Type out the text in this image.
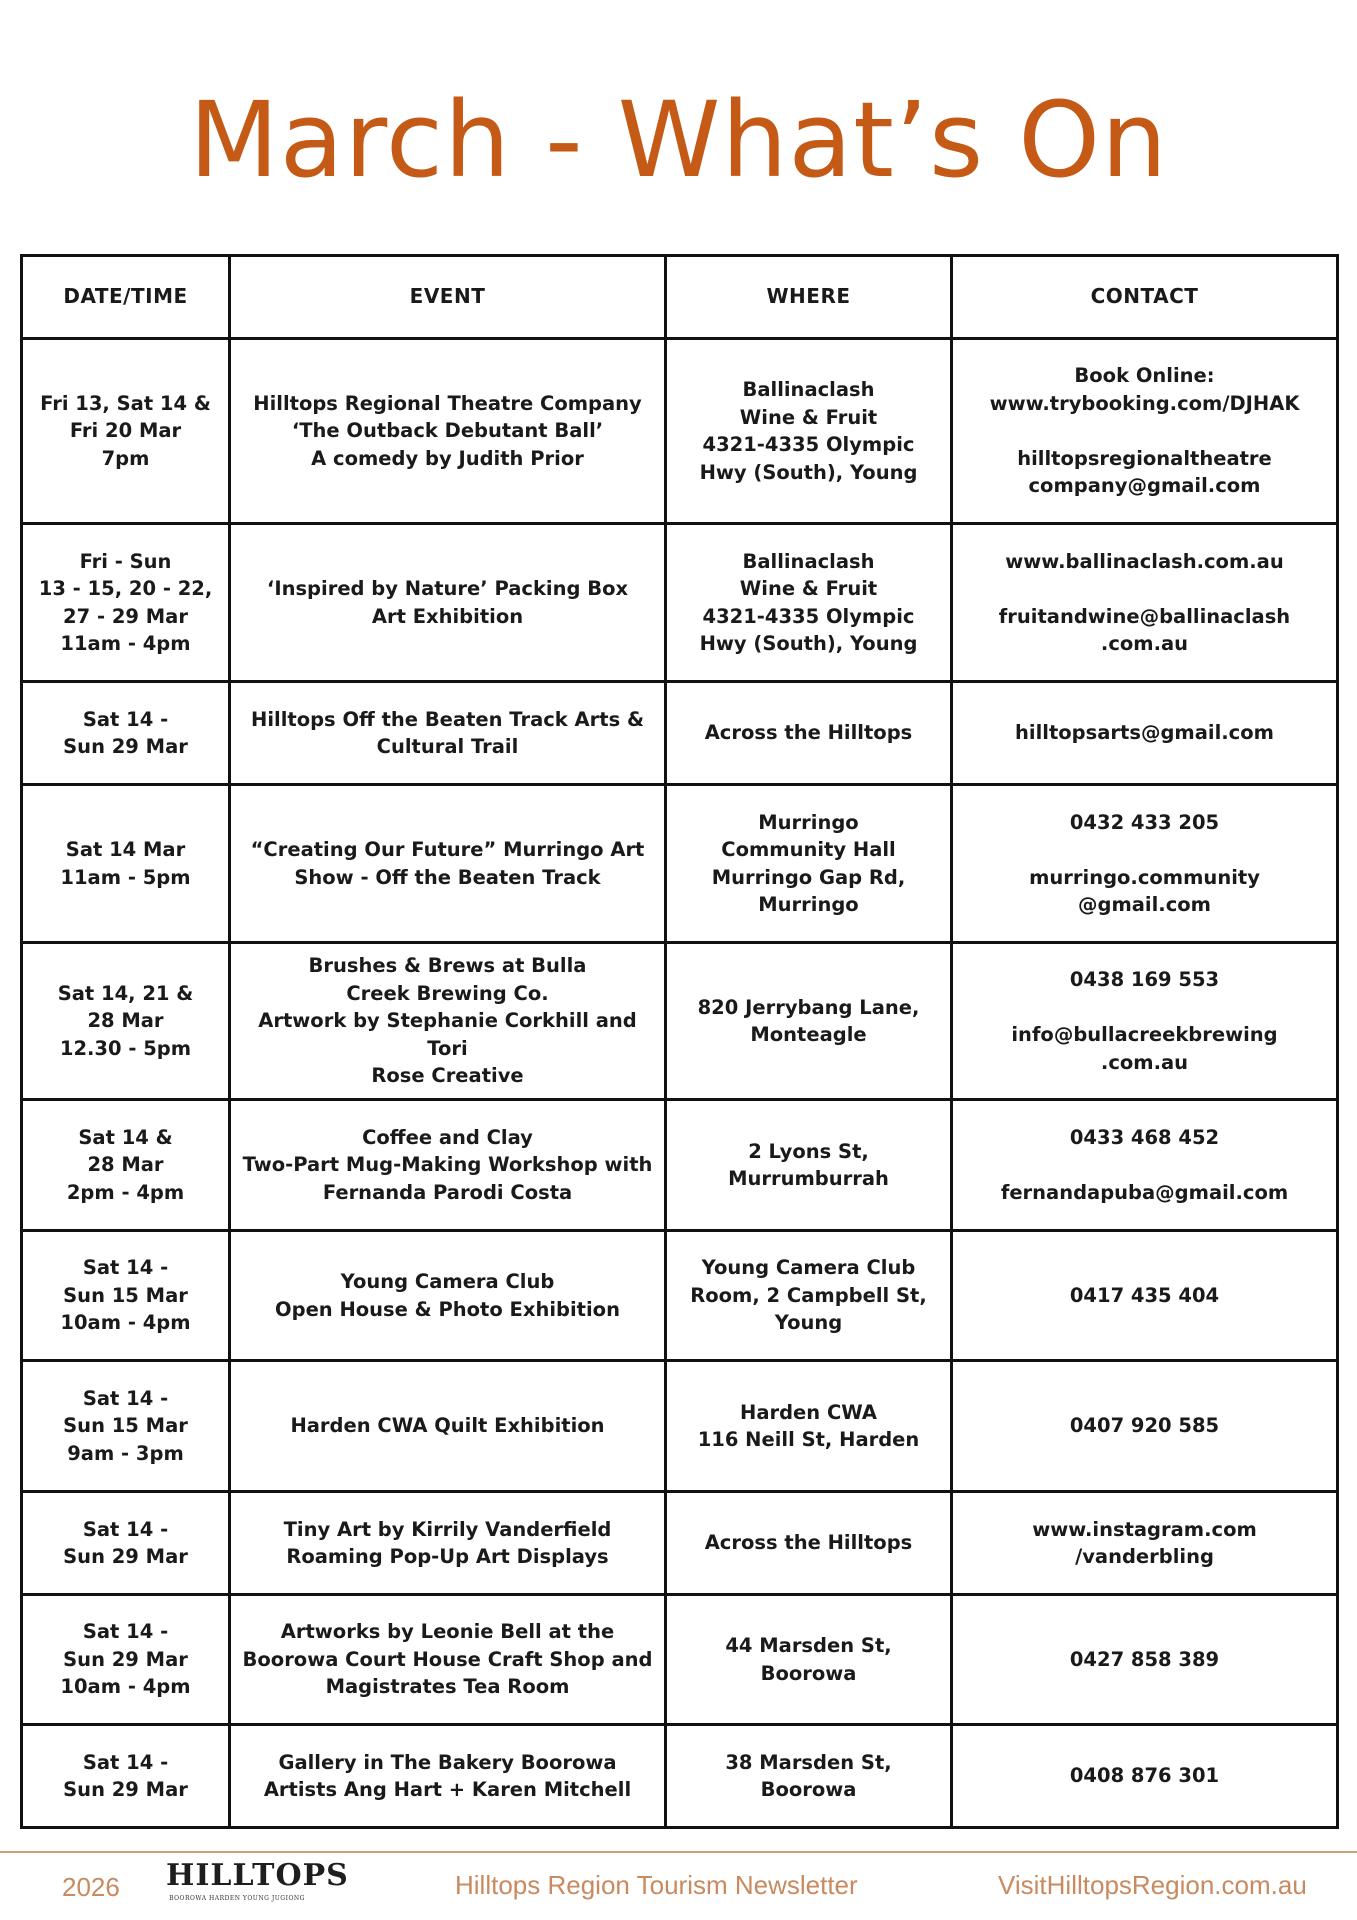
March - What’s On
DATE/TIME	EVENT	WHERE	CONTACT
Fri 13, Sat 14 &
Fri 20 Mar
7pm	Hilltops Regional Theatre Company
‘The Outback Debutant Ball’
A comedy by Judith Prior	Ballinaclash
Wine & Fruit
4321-4335 Olympic
Hwy (South), Young	Book Online:
www.trybooking.com/DJHAK

hilltopsregionaltheatre
company@gmail.com
Fri - Sun
13 - 15, 20 - 22,
27 - 29 Mar
11am - 4pm	‘Inspired by Nature’ Packing Box
Art Exhibition	Ballinaclash
Wine & Fruit
4321-4335 Olympic
Hwy (South), Young	www.ballinaclash.com.au

fruitandwine@ballinaclash
.com.au
Sat 14 -
Sun 29 Mar	Hilltops Off the Beaten Track Arts &
Cultural Trail	Across the Hilltops	hilltopsarts@gmail.com
Sat 14 Mar
11am - 5pm	“Creating Our Future” Murringo Art
Show - Off the Beaten Track	Murringo
Community Hall
Murringo Gap Rd,
Murringo	0432 433 205

murringo.community
@gmail.com
Sat 14, 21 &
28 Mar
12.30 - 5pm	Brushes & Brews at Bulla
Creek Brewing Co.
Artwork by Stephanie Corkhill and Tori
Rose Creative	820 Jerrybang Lane,
Monteagle	0438 169 553

info@bullacreekbrewing
.com.au
Sat 14 &
28 Mar
2pm - 4pm	Coffee and Clay
Two-Part Mug-Making Workshop with
Fernanda Parodi Costa	2 Lyons St,
Murrumburrah	0433 468 452

fernandapuba@gmail.com
Sat 14 -
Sun 15 Mar
10am - 4pm	Young Camera Club
Open House & Photo Exhibition	Young Camera Club
Room, 2 Campbell St,
Young	0417 435 404
Sat 14 -
Sun 15 Mar
9am - 3pm	Harden CWA Quilt Exhibition	Harden CWA
116 Neill St, Harden	0407 920 585
Sat 14 -
Sun 29 Mar	Tiny Art by Kirrily Vanderfield
Roaming Pop-Up Art Displays	Across the Hilltops	www.instagram.com
/vanderbling
Sat 14 -
Sun 29 Mar
10am - 4pm	Artworks by Leonie Bell at the
Boorowa Court House Craft Shop and
Magistrates Tea Room	44 Marsden St,
Boorowa	0427 858 389
Sat 14 -
Sun 29 Mar	Gallery in The Bakery Boorowa
Artists Ang Hart + Karen Mitchell	38 Marsden St,
Boorowa	0408 876 301
2026 HILLTOPS
BOOROWA HARDEN YOUNG JUGIONG	Hilltops Region Tourism Newsletter	VisitHilltopsRegion.com.au
